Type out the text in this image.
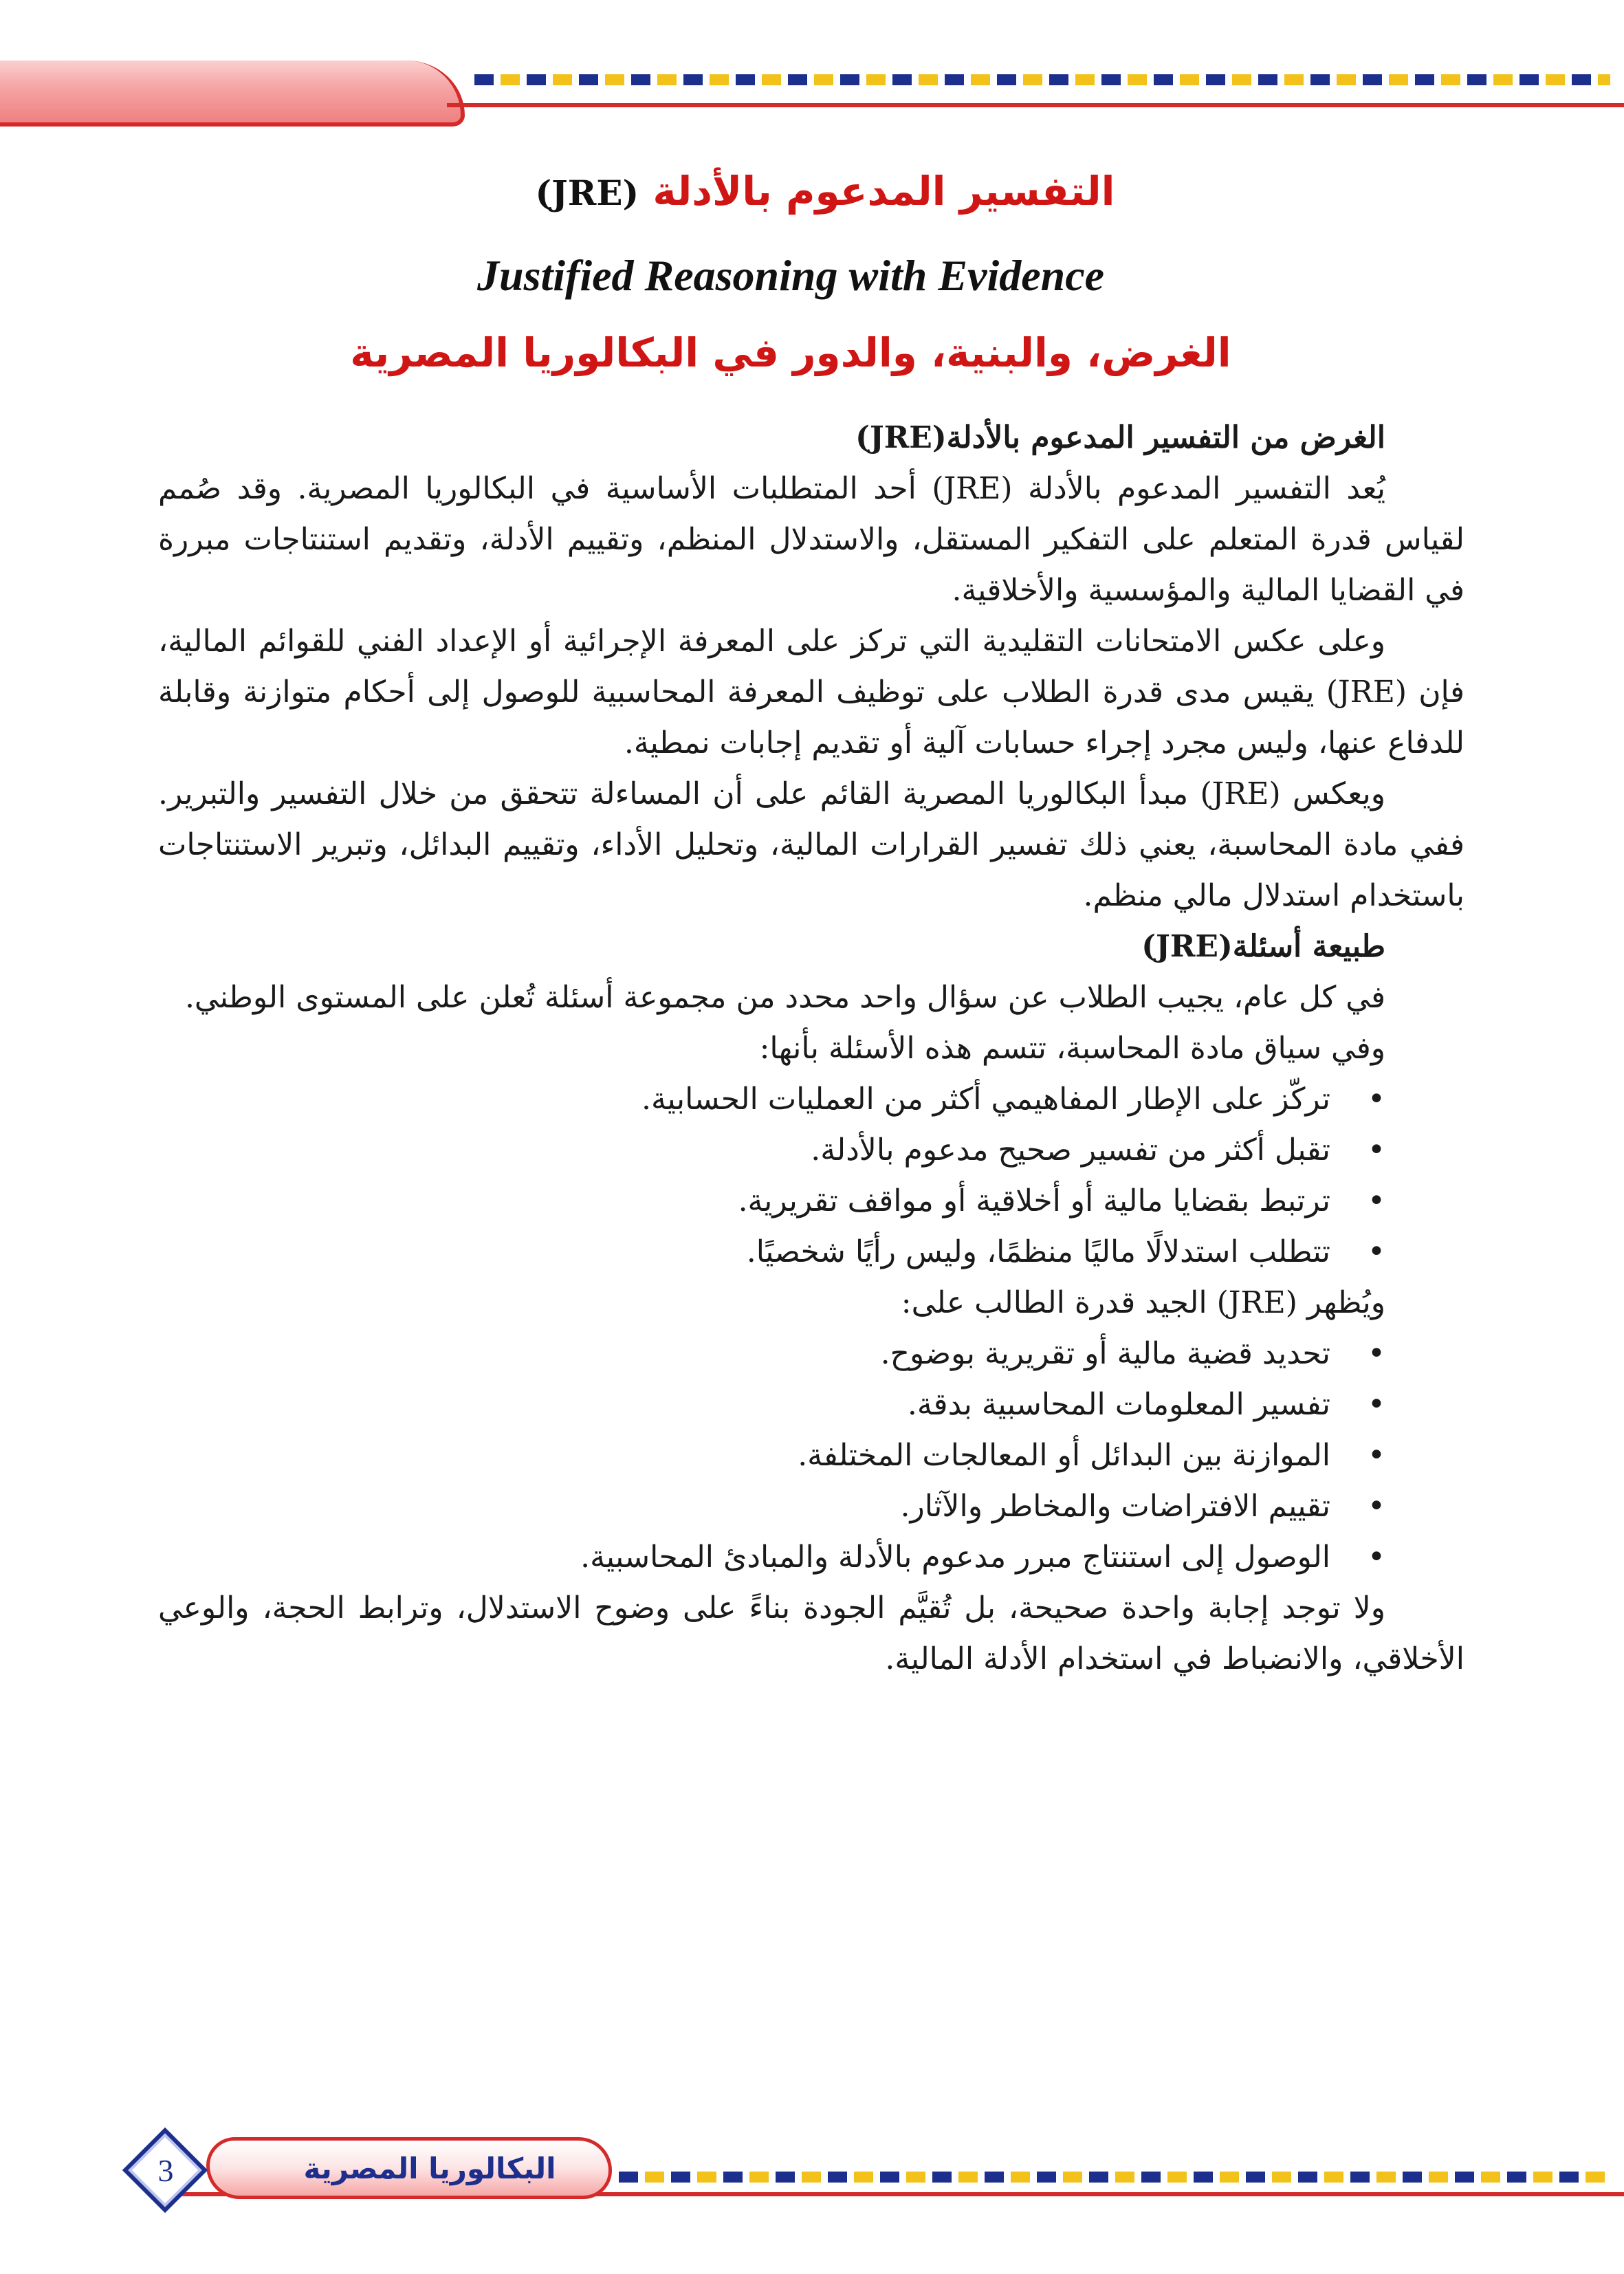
التفسير المدعوم بالأدلة (JRE)
Justified Reasoning with Evidence
الغرض، والبنية، والدور في البكالوريا المصرية

الغرض من التفسير المدعوم بالأدلة(JRE)

يُعد التفسير المدعوم بالأدلة (JRE) أحد المتطلبات الأساسية في البكالوريا المصرية. وقد صُمم لقياس قدرة المتعلم على التفكير المستقل، والاستدلال المنظم، وتقييم الأدلة، وتقديم استنتاجات مبررة في القضايا المالية والمؤسسية والأخلاقية.

وعلى عكس الامتحانات التقليدية التي تركز على المعرفة الإجرائية أو الإعداد الفني للقوائم المالية، فإن (JRE) يقيس مدى قدرة الطلاب على توظيف المعرفة المحاسبية للوصول إلى أحكام متوازنة وقابلة للدفاع عنها، وليس مجرد إجراء حسابات آلية أو تقديم إجابات نمطية.

ويعكس (JRE) مبدأ البكالوريا المصرية القائم على أن المساءلة تتحقق من خلال التفسير والتبرير. ففي مادة المحاسبة، يعني ذلك تفسير القرارات المالية، وتحليل الأداء، وتقييم البدائل، وتبرير الاستنتاجات باستخدام استدلال مالي منظم.

طبيعة أسئلة(JRE)

في كل عام، يجيب الطلاب عن سؤال واحد محدد من مجموعة أسئلة تُعلن على المستوى الوطني.

وفي سياق مادة المحاسبة، تتسم هذه الأسئلة بأنها:

• تركّز على الإطار المفاهيمي أكثر من العمليات الحسابية.
• تقبل أكثر من تفسير صحيح مدعوم بالأدلة.
• ترتبط بقضايا مالية أو أخلاقية أو مواقف تقريرية.
• تتطلب استدلالًا ماليًا منظمًا، وليس رأيًا شخصيًا.

ويُظهر (JRE) الجيد قدرة الطالب على:

• تحديد قضية مالية أو تقريرية بوضوح.
• تفسير المعلومات المحاسبية بدقة.
• الموازنة بين البدائل أو المعالجات المختلفة.
• تقييم الافتراضات والمخاطر والآثار.
• الوصول إلى استنتاج مبرر مدعوم بالأدلة والمبادئ المحاسبية.

ولا توجد إجابة واحدة صحيحة، بل تُقيَّم الجودة بناءً على وضوح الاستدلال، وترابط الحجة، والوعي الأخلاقي، والانضباط في استخدام الأدلة المالية.

البكالوريا المصرية
3
